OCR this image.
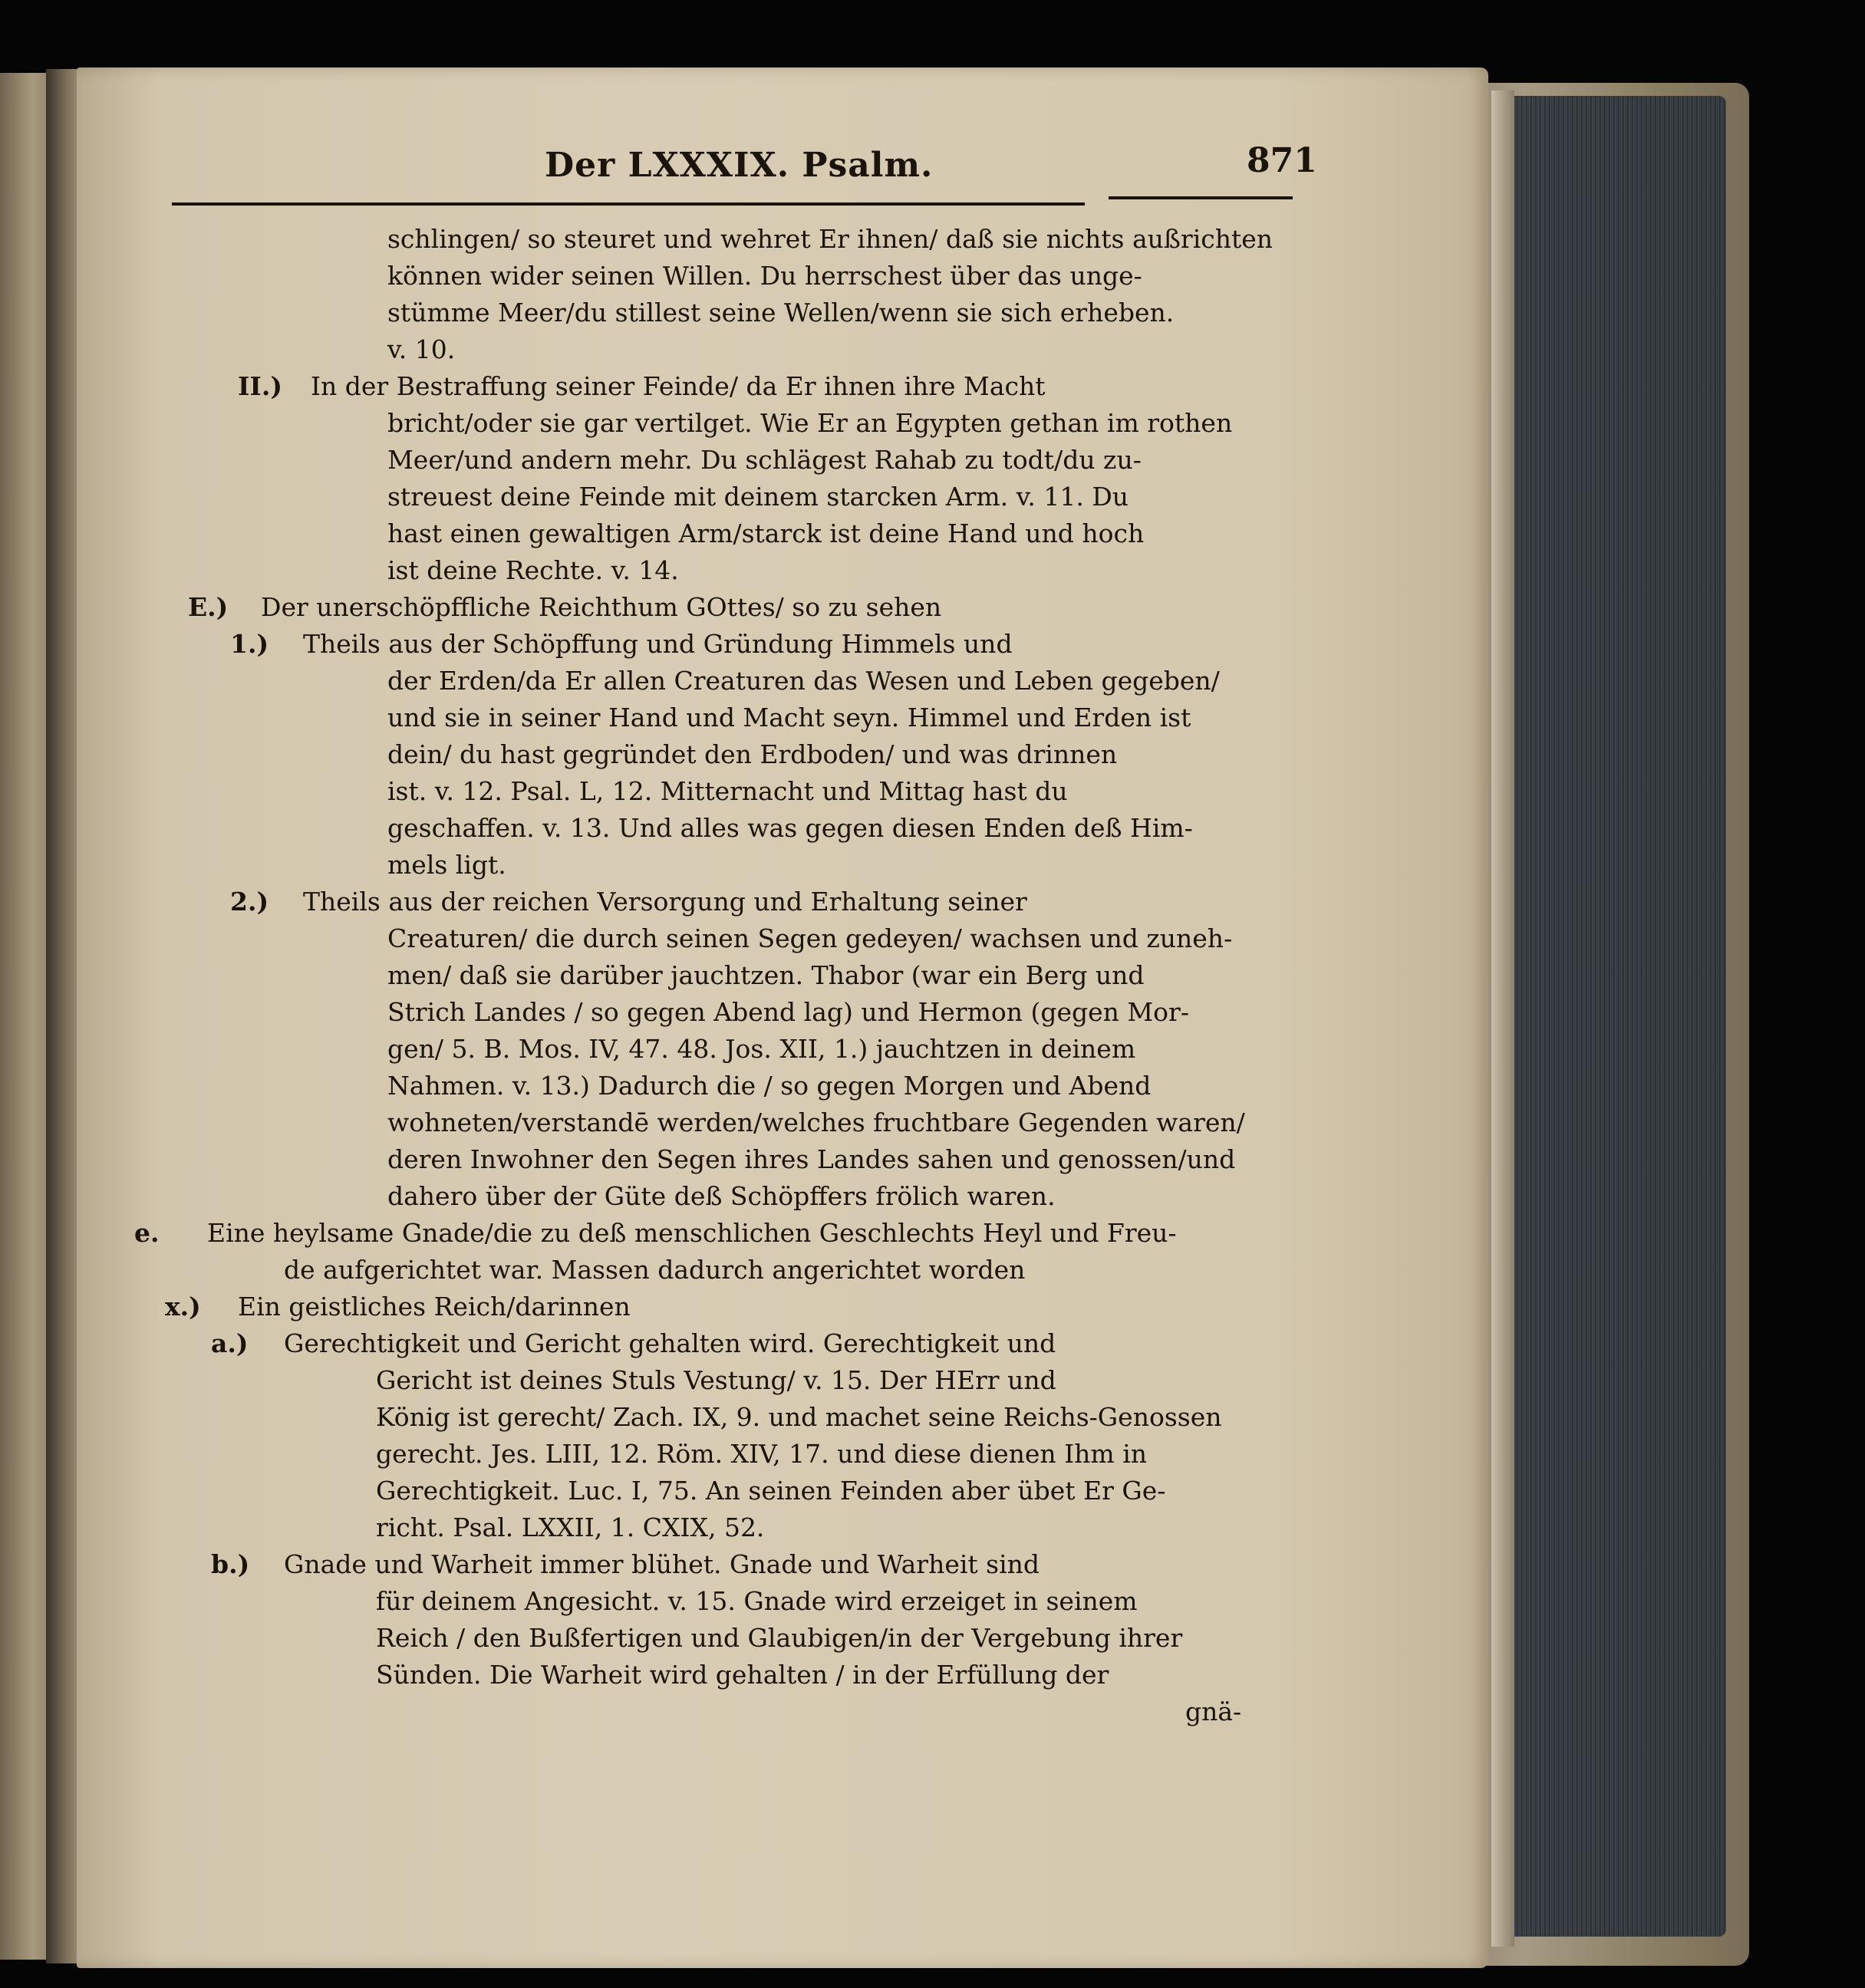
Der LXXXIX. Psalm.	871
schlingen/ so steuret und wehret Er ihnen/ daß sie nichts außrichten
können wider seinen Willen. Du herrschest über das unge-
stümme Meer/du stillest seine Wellen/wenn sie sich erheben.
v. 10.
II.) In der Bestraffung seiner Feinde/ da Er ihnen ihre Macht
bricht/oder sie gar vertilget. Wie Er an Egypten gethan im rothen
Meer/und andern mehr. Du schlägest Rahab zu todt/du zu-
streuest deine Feinde mit deinem starcken Arm. v. 11. Du
hast einen gewaltigen Arm/starck ist deine Hand und hoch
ist deine Rechte. v. 14.
E.) Der unerschöpffliche Reichthum GOttes/ so zu sehen
1.) Theils aus der Schöpffung und Gründung Himmels und
der Erden/da Er allen Creaturen das Wesen und Leben gegeben/
und sie in seiner Hand und Macht seyn. Himmel und Erden ist
dein/ du hast gegründet den Erdboden/ und was drinnen
ist. v. 12. Psal. L, 12. Mitternacht und Mittag hast du
geschaffen. v. 13. Und alles was gegen diesen Enden deß Him-
mels ligt.
2.) Theils aus der reichen Versorgung und Erhaltung seiner
Creaturen/ die durch seinen Segen gedeyen/ wachsen und zuneh-
men/ daß sie darüber jauchtzen. Thabor (war ein Berg und
Strich Landes / so gegen Abend lag) und Hermon (gegen Mor-
gen/ 5. B. Mos. IV, 47. 48. Jos. XII, 1.) jauchtzen in deinem
Nahmen. v. 13.) Dadurch die / so gegen Morgen und Abend
wohneten/verstandē werden/welches fruchtbare Gegenden waren/
deren Inwohner den Segen ihres Landes sahen und genossen/und
dahero über der Güte deß Schöpffers frölich waren.
e. Eine heylsame Gnade/die zu deß menschlichen Geschlechts Heyl und Freu-
de aufgerichtet war. Massen dadurch angerichtet worden
x.) Ein geistliches Reich/darinnen
a.) Gerechtigkeit und Gericht gehalten wird. Gerechtigkeit und
Gericht ist deines Stuls Vestung/ v. 15. Der HErr und
König ist gerecht/ Zach. IX, 9. und machet seine Reichs-Genossen
gerecht. Jes. LIII, 12. Röm. XIV, 17. und diese dienen Ihm in
Gerechtigkeit. Luc. I, 75. An seinen Feinden aber übet Er Ge-
richt. Psal. LXXII, 1. CXIX, 52.
b.) Gnade und Warheit immer blühet. Gnade und Warheit sind
für deinem Angesicht. v. 15. Gnade wird erzeiget in seinem
Reich / den Bußfertigen und Glaubigen/in der Vergebung ihrer
Sünden. Die Warheit wird gehalten / in der Erfüllung der
gnä-
